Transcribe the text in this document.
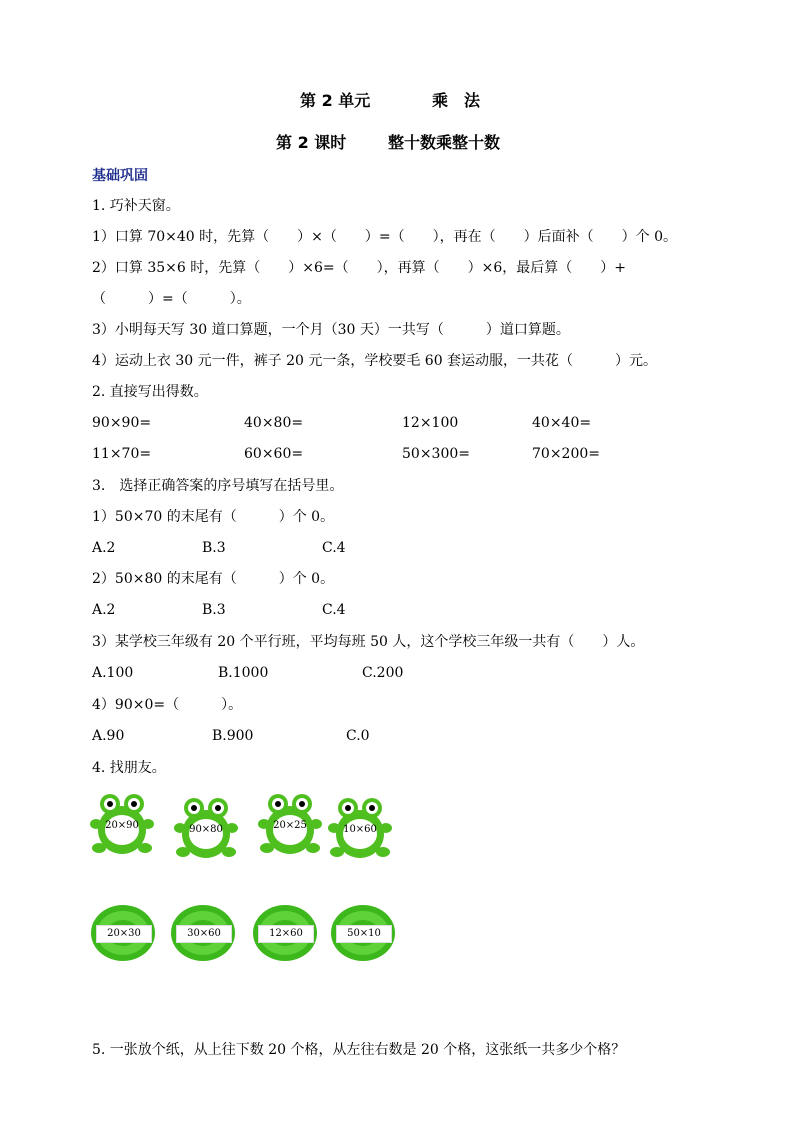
第 2 单元	乘　法
第 2 课时	整十数乘整十数
基础巩固
1. 巧补天窗。
1）口算 70×40 时，先算（　　）×（　　）=（　　），再在（　　）后面补（　　）个 0。
2）口算 35×6 时，先算（　　）×6=（　　），再算（　　）×6，最后算（　　）+
（　　　）=（　　　）。
3）小明每天写 30 道口算题，一个月（30 天）一共写（　　　）道口算题。
4）运动上衣 30 元一件，裤子 20 元一条，学校要毛 60 套运动服，一共花（　　　）元。
2. 直接写出得数。
90×90=	40×80=	12×100	40×40=
11×70=	60×60=	50×300=	70×200=
3.　选择正确答案的序号填写在括号里。
1）50×70 的末尾有（　　　）个 0。
A.2	B.3	C.4
2）50×80 的末尾有（　　　）个 0。
A.2	B.3	C.4
3）某学校三年级有 20 个平行班，平均每班 50 人，这个学校三年级一共有（　　）人。
A.100	B.1000	C.200
4）90×0=（　　　）。
A.90	B.900	C.0
4. 找朋友。
20×90	90×80	20×25	10×60
20×30	30×60	12×60	50×10
5. 一张放个纸，从上往下数 20 个格，从左往右数是 20 个格，这张纸一共多少个格？
